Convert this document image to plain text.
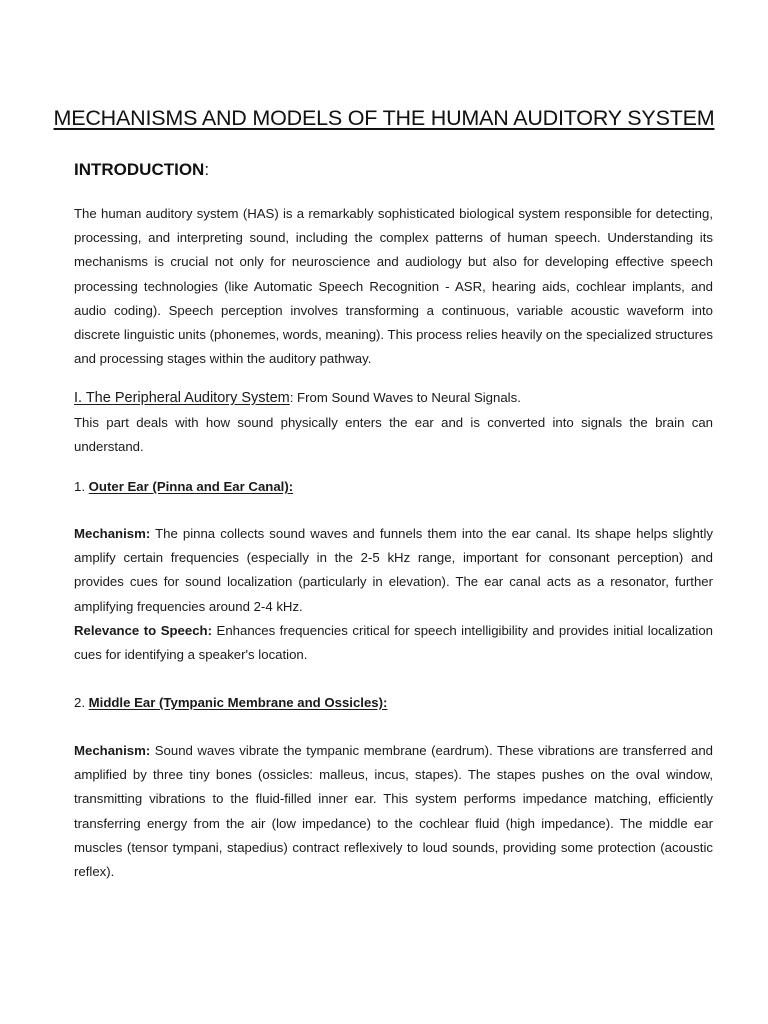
MECHANISMS AND MODELS OF THE HUMAN AUDITORY SYSTEM
INTRODUCTION:
The human auditory system (HAS) is a remarkably sophisticated biological system responsible for detecting, processing, and interpreting sound, including the complex patterns of human speech. Understanding its mechanisms is crucial not only for neuroscience and audiology but also for developing effective speech processing technologies (like Automatic Speech Recognition - ASR, hearing aids, cochlear implants, and audio coding). Speech perception involves transforming a continuous, variable acoustic waveform into discrete linguistic units (phonemes, words, meaning). This process relies heavily on the specialized structures and processing stages within the auditory pathway.
I. The Peripheral Auditory System: From Sound Waves to Neural Signals.
This part deals with how sound physically enters the ear and is converted into signals the brain can understand.
1. Outer Ear (Pinna and Ear Canal):
Mechanism: The pinna collects sound waves and funnels them into the ear canal. Its shape helps slightly amplify certain frequencies (especially in the 2-5 kHz range, important for consonant perception) and provides cues for sound localization (particularly in elevation). The ear canal acts as a resonator, further amplifying frequencies around 2-4 kHz.
Relevance to Speech: Enhances frequencies critical for speech intelligibility and provides initial localization cues for identifying a speaker's location.
2. Middle Ear (Tympanic Membrane and Ossicles):
Mechanism: Sound waves vibrate the tympanic membrane (eardrum). These vibrations are transferred and amplified by three tiny bones (ossicles: malleus, incus, stapes). The stapes pushes on the oval window, transmitting vibrations to the fluid-filled inner ear. This system performs impedance matching, efficiently transferring energy from the air (low impedance) to the cochlear fluid (high impedance). The middle ear muscles (tensor tympani, stapedius) contract reflexively to loud sounds, providing some protection (acoustic reflex).
